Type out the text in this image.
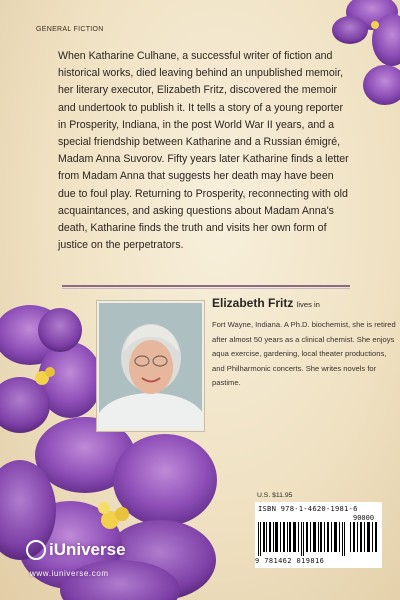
GENERAL FICTION

When Katharine Culhane, a successful writer of fiction and historical works, died leaving behind an unpublished memoir, her literary executor, Elizabeth Fritz, discovered the memoir and undertook to publish it. It tells a story of a young reporter in Prosperity, Indiana, in the post World War II years, and a special friendship between Katharine and a Russian émigré, Madam Anna Suvorov. Fifty years later Katharine finds a letter from Madam Anna that suggests her death may have been due to foul play. Returning to Prosperity, reconnecting with old acquaintances, and asking questions about Madam Anna's death, Katharine finds the truth and visits her own form of justice on the perpetrators.

Elizabeth Fritz lives in

Fort Wayne, Indiana. A Ph.D. biochemist, she is retired after almost 50 years as a clinical chemist. She enjoys aqua exercise, gardening, local theater productions, and Philharmonic concerts. She writes novels for pastime.

U.S. $11.95
ISBN 978-1-4620-1981-6
90000
9 781462 019816
iUniverse
www.iuniverse.com
